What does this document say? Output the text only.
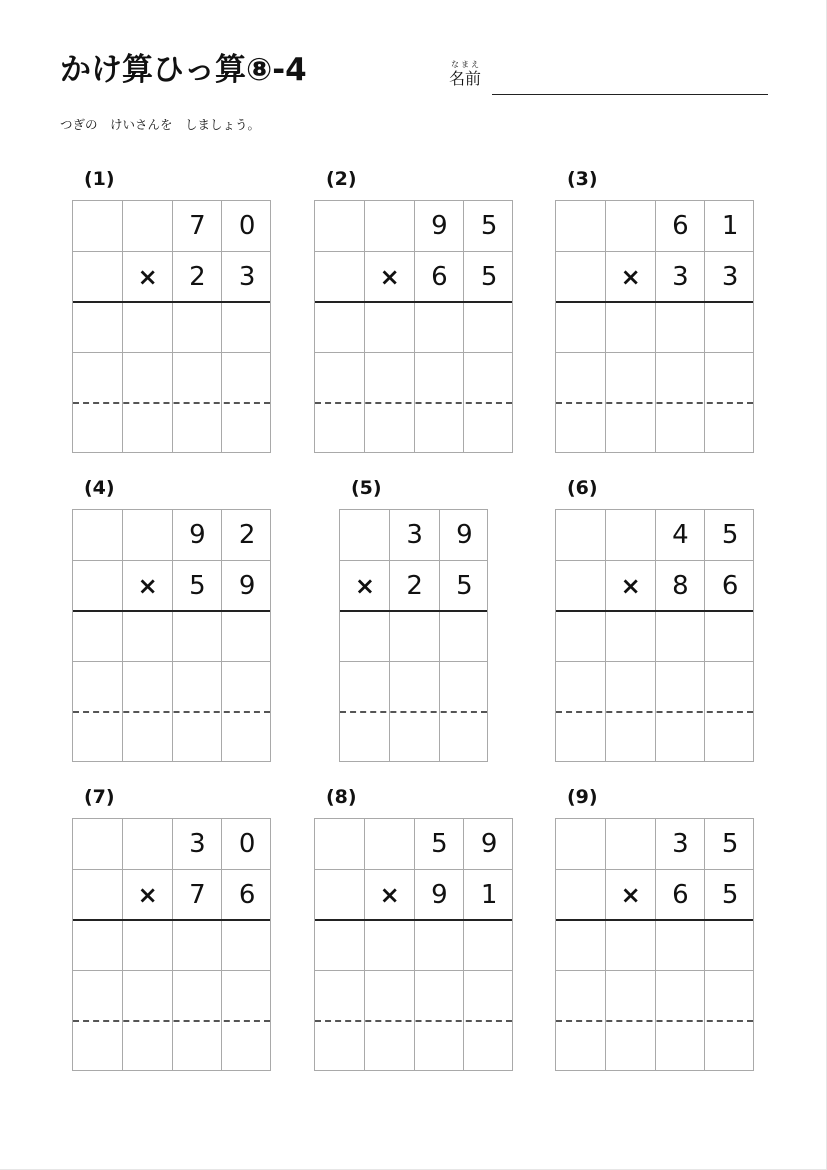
かけ算ひっ算⑧-4	なまえ
名前
つぎの　けいさんを　しましょう。
(1)
7	0
×	2	3
(2)
9	5
×	6	5
(3)
6	1
×	3	3
(4)
9	2
×	5	9
(5)
3	9
×	2	5
(6)
4	5
×	8	6
(7)
3	0
×	7	6
(8)
5	9
×	9	1
(9)
3	5
×	6	5
